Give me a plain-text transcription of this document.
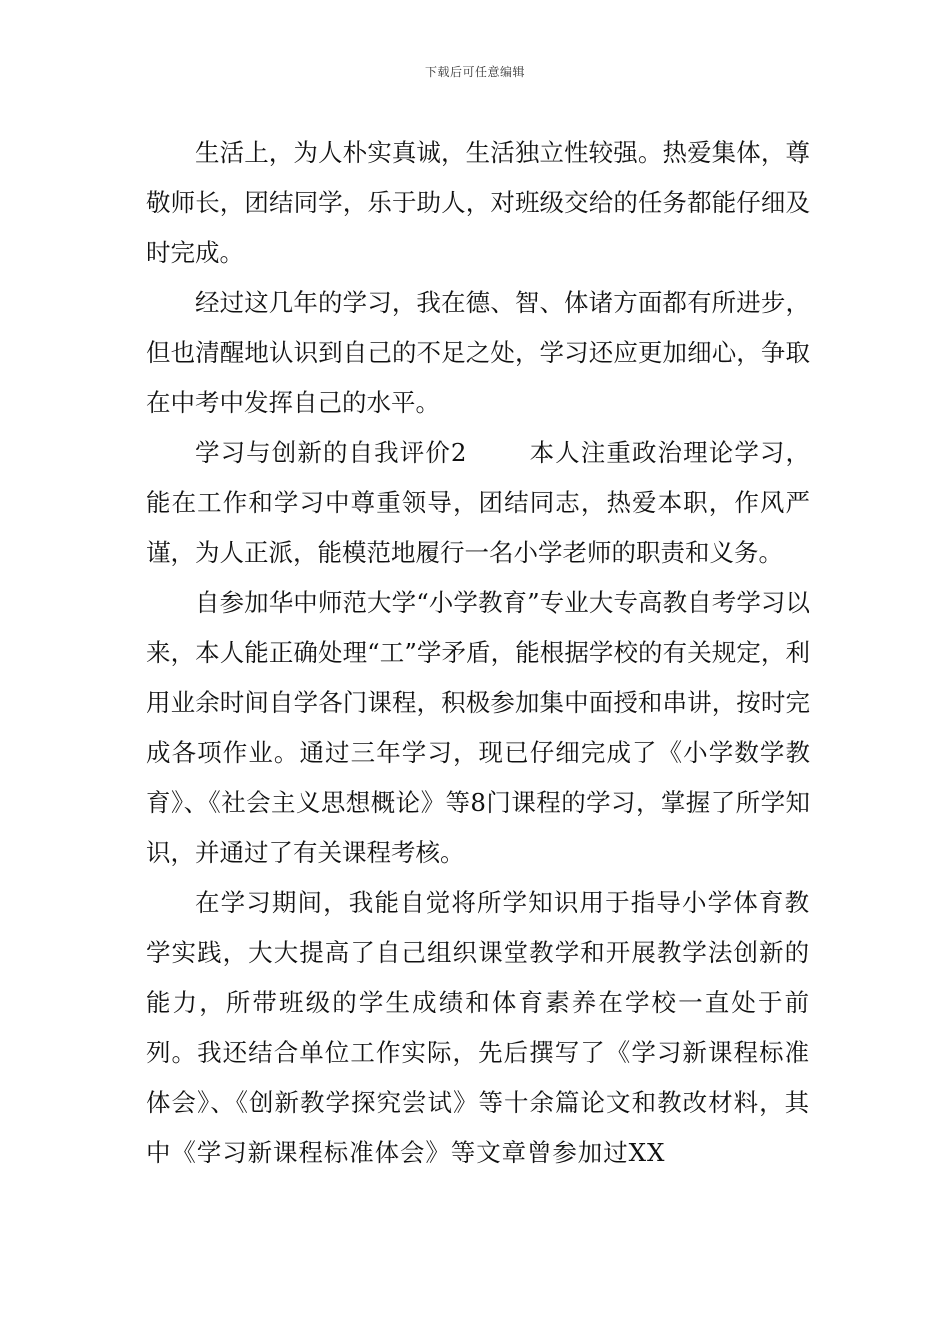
下载后可任意编辑

生活上，为人朴实真诚，生活独立性较强。热爱集体，尊敬师长，团结同学，乐于助人，对班级交给的任务都能仔细及时完成。

经过这几年的学习，我在德、智、体诸方面都有所进步，但也清醒地认识到自己的不足之处，学习还应更加细心，争取在中考中发挥自己的水平。

学习与创新的自我评价2	本人注重政治理论学习，能在工作和学习中尊重领导，团结同志，热爱本职，作风严谨，为人正派，能模范地履行一名小学老师的职责和义务。

自参加华中师范大学“小学教育”专业大专高教自考学习以来，本人能正确处理“工”学矛盾，能根据学校的有关规定，利用业余时间自学各门课程，积极参加集中面授和串讲，按时完成各项作业。通过三年学习，现已仔细完成了《小学数学教育》、《社会主义思想概论》等8门课程的学习，掌握了所学知识，并通过了有关课程考核。

在学习期间，我能自觉将所学知识用于指导小学体育教学实践，大大提高了自己组织课堂教学和开展教学法创新的能力，所带班级的学生成绩和体育素养在学校一直处于前列。我还结合单位工作实际，先后撰写了《学习新课程标准体会》、《创新教学探究尝试》等十余篇论文和教改材料，其中《学习新课程标准体会》等文章曾参加过XX
